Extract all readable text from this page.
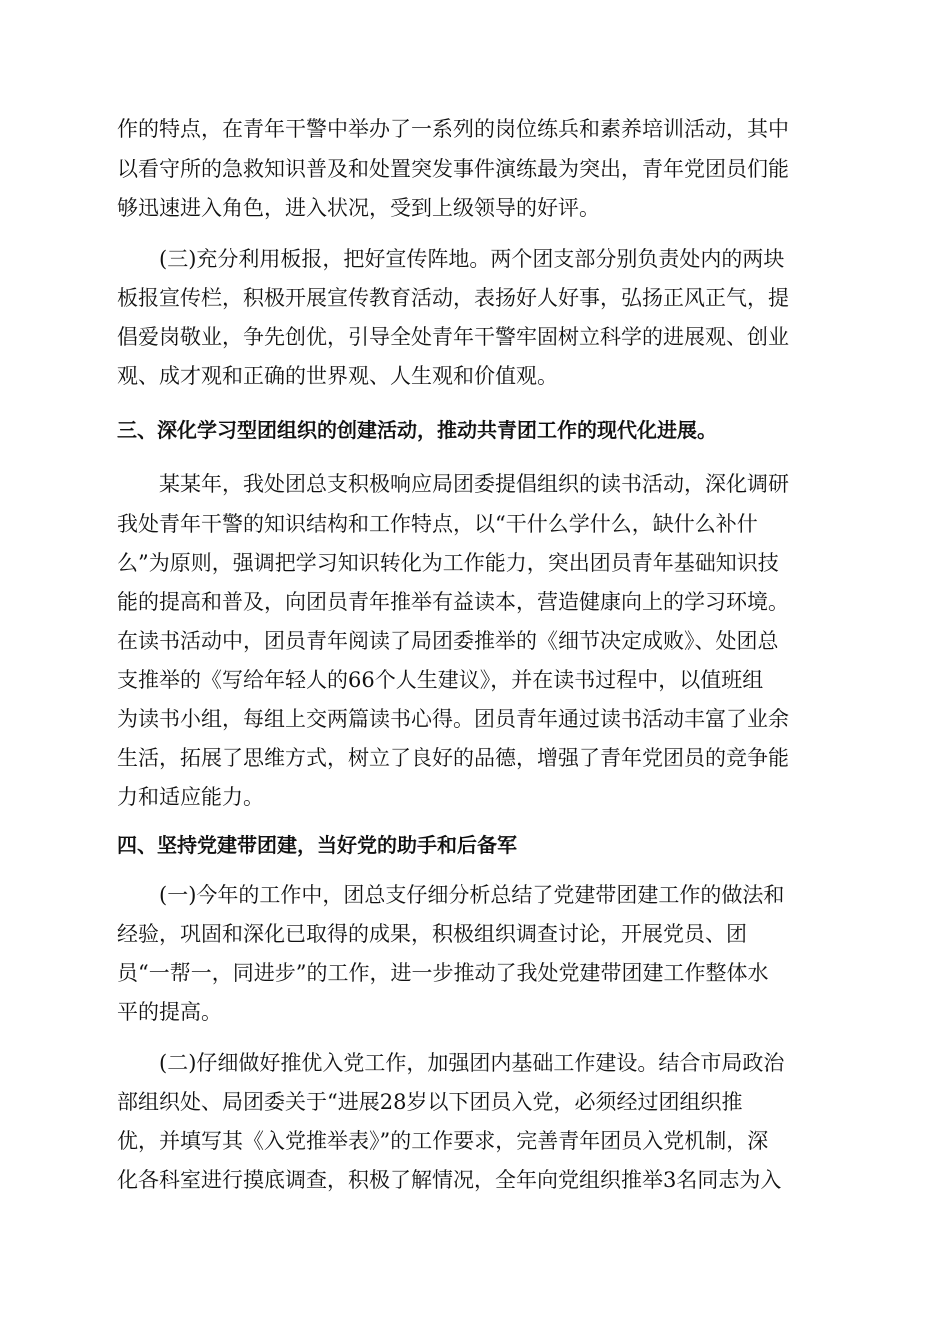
作的特点，在青年干警中举办了一系列的岗位练兵和素养培训活动，其中
以看守所的急救知识普及和处置突发事件演练最为突出，青年党团员们能
够迅速进入角色，进入状况，受到上级领导的好评。
(三)充分利用板报，把好宣传阵地。两个团支部分别负责处内的两块
板报宣传栏，积极开展宣传教育活动，表扬好人好事，弘扬正风正气，提
倡爱岗敬业，争先创优，引导全处青年干警牢固树立科学的进展观、创业
观、成才观和正确的世界观、人生观和价值观。
三、深化学习型团组织的创建活动，推动共青团工作的现代化进展。
某某年，我处团总支积极响应局团委提倡组织的读书活动，深化调研
我处青年干警的知识结构和工作特点，以“干什么学什么，缺什么补什
么”为原则，强调把学习知识转化为工作能力，突出团员青年基础知识技
能的提高和普及，向团员青年推举有益读本，营造健康向上的学习环境。
在读书活动中，团员青年阅读了局团委推举的《细节决定成败》、处团总
支推举的《写给年轻人的66个人生建议》，并在读书过程中，以值班组
为读书小组，每组上交两篇读书心得。团员青年通过读书活动丰富了业余
生活，拓展了思维方式，树立了良好的品德，增强了青年党团员的竞争能
力和适应能力。
四、坚持党建带团建，当好党的助手和后备军
(一)今年的工作中，团总支仔细分析总结了党建带团建工作的做法和
经验，巩固和深化已取得的成果，积极组织调查讨论，开展党员、团
员“一帮一，同进步”的工作，进一步推动了我处党建带团建工作整体水
平的提高。
(二)仔细做好推优入党工作，加强团内基础工作建设。结合市局政治
部组织处、局团委关于“进展28岁以下团员入党，必须经过团组织推
优，并填写其《入党推举表》”的工作要求，完善青年团员入党机制，深
化各科室进行摸底调查，积极了解情况，全年向党组织推举3名同志为入
